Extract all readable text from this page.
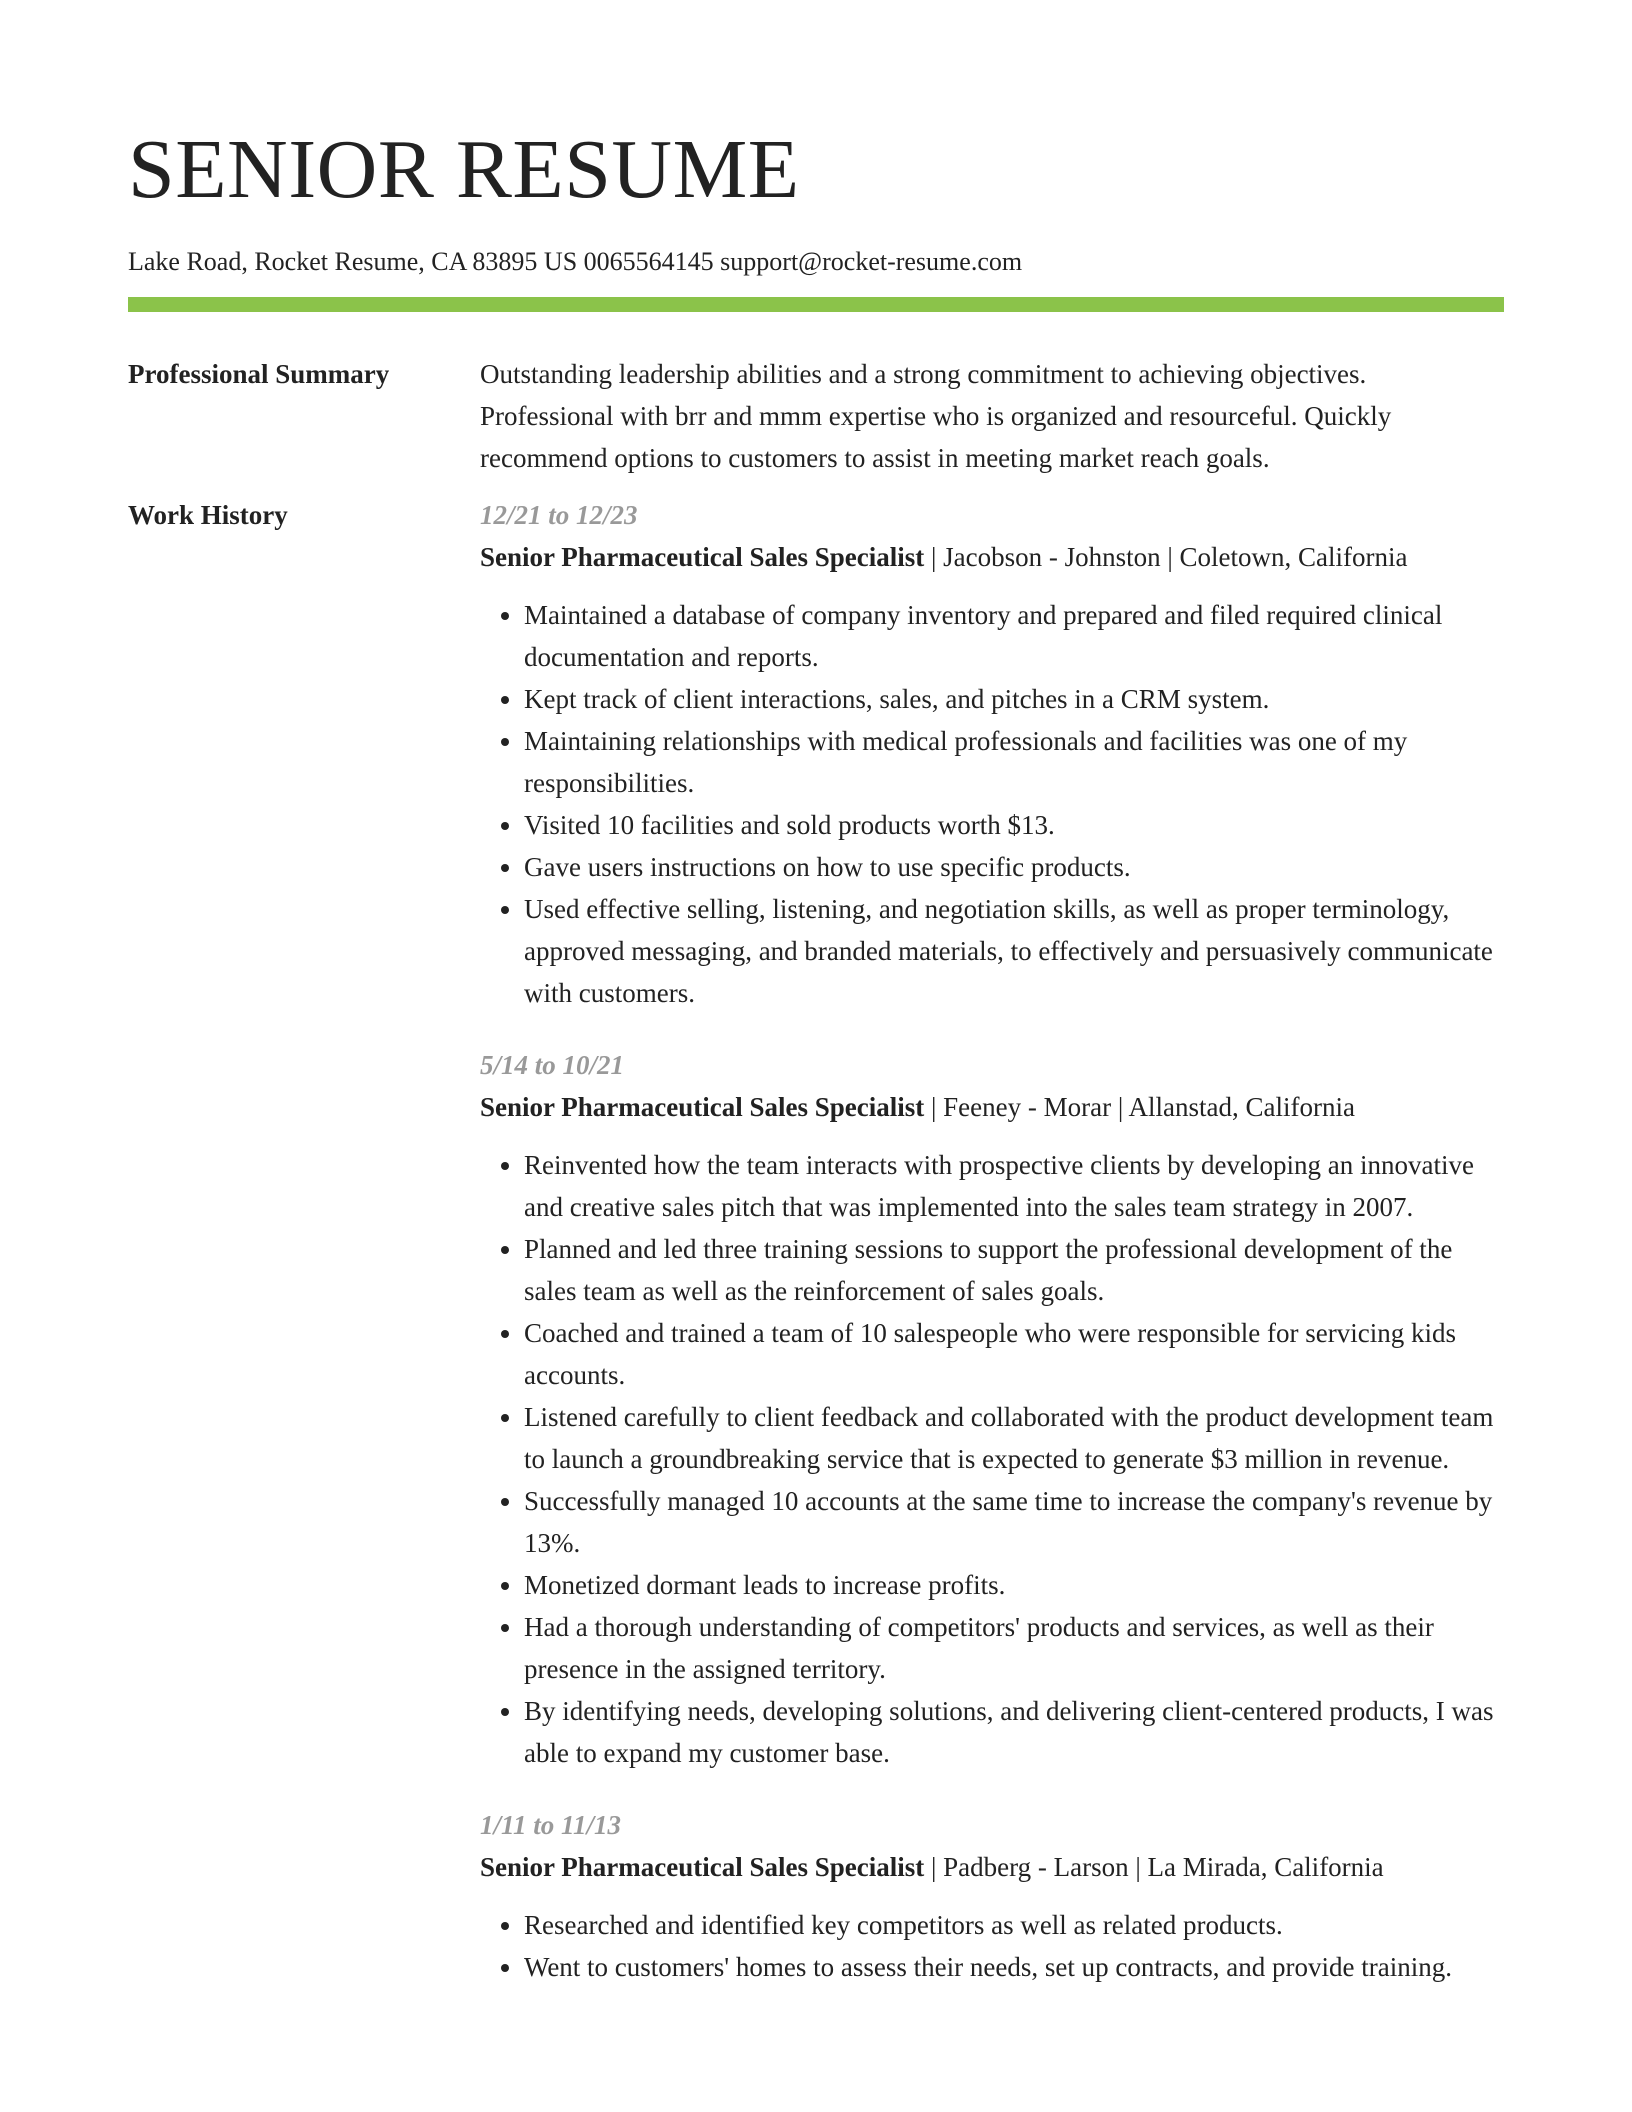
SENIOR RESUME
Lake Road, Rocket Resume, CA 83895 US 0065564145 support@rocket-resume.com
Professional Summary	Outstanding leadership abilities and a strong commitment to achieving objectives. Professional with brr and mmm expertise who is organized and resourceful. Quickly recommend options to customers to assist in meeting market reach goals.

Work History	12/21 to 12/23
Senior Pharmaceutical Sales Specialist | Jacobson - Johnston | Coletown, California
• Maintained a database of company inventory and prepared and filed required clinical documentation and reports.
• Kept track of client interactions, sales, and pitches in a CRM system.
• Maintaining relationships with medical professionals and facilities was one of my responsibilities.
• Visited 10 facilities and sold products worth $13.
• Gave users instructions on how to use specific products.
• Used effective selling, listening, and negotiation skills, as well as proper terminology, approved messaging, and branded materials, to effectively and persuasively communicate with customers.
5/14 to 10/21
Senior Pharmaceutical Sales Specialist | Feeney - Morar | Allanstad, California
• Reinvented how the team interacts with prospective clients by developing an innovative and creative sales pitch that was implemented into the sales team strategy in 2007.
• Planned and led three training sessions to support the professional development of the sales team as well as the reinforcement of sales goals.
• Coached and trained a team of 10 salespeople who were responsible for servicing kids accounts.
• Listened carefully to client feedback and collaborated with the product development team to launch a groundbreaking service that is expected to generate $3 million in revenue.
• Successfully managed 10 accounts at the same time to increase the company's revenue by 13%.
• Monetized dormant leads to increase profits.
• Had a thorough understanding of competitors' products and services, as well as their presence in the assigned territory.
• By identifying needs, developing solutions, and delivering client-centered products, I was able to expand my customer base.
1/11 to 11/13
Senior Pharmaceutical Sales Specialist | Padberg - Larson | La Mirada, California
• Researched and identified key competitors as well as related products.
• Went to customers' homes to assess their needs, set up contracts, and provide training.
